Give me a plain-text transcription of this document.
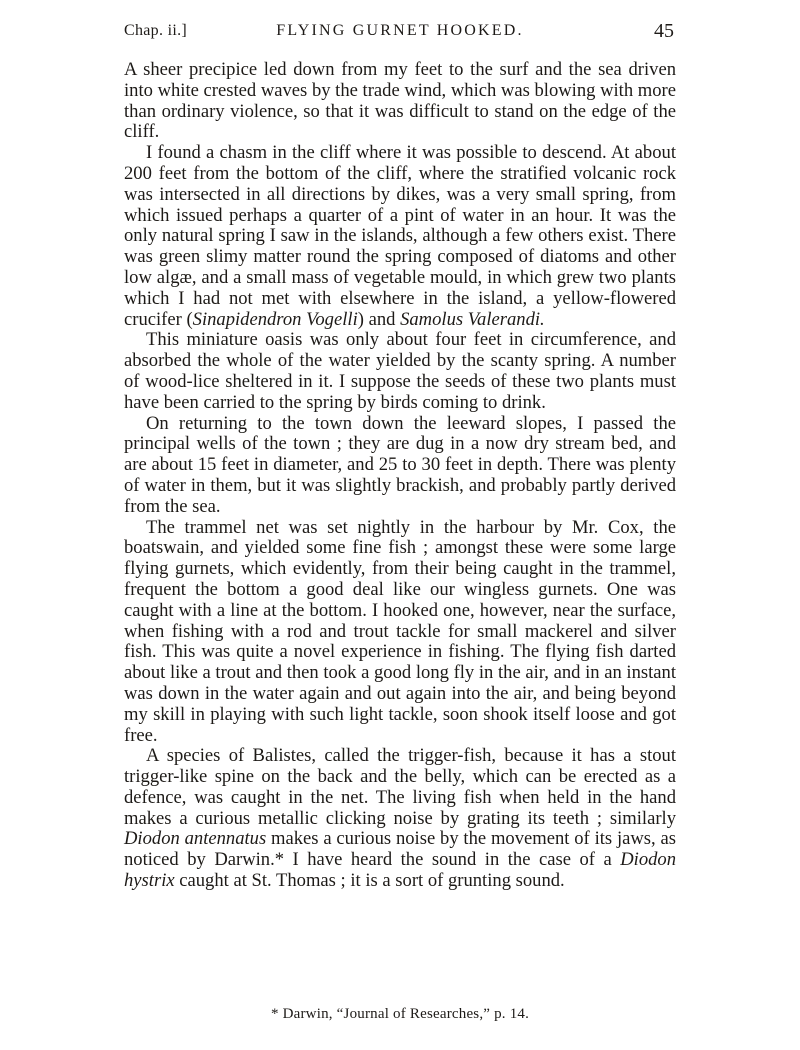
Chap. ii.]	FLYING GURNET HOOKED.	45

A sheer precipice led down from my feet to the surf and the sea driven into white crested waves by the trade wind, which was blowing with more than ordinary violence, so that it was difficult to stand on the edge of the cliff.

I found a chasm in the cliff where it was possible to descend. At about 200 feet from the bottom of the cliff, where the stratified volcanic rock was intersected in all directions by dikes, was a very small spring, from which issued perhaps a quarter of a pint of water in an hour. It was the only natural spring I saw in the islands, although a few others exist. There was green slimy matter round the spring composed of diatoms and other low algæ, and a small mass of vegetable mould, in which grew two plants which I had not met with elsewhere in the island, a yellow-flowered crucifer (Sinapidendron Vogelli) and Samolus Valerandi.

This miniature oasis was only about four feet in circumference, and absorbed the whole of the water yielded by the scanty spring. A number of wood-lice sheltered in it. I suppose the seeds of these two plants must have been carried to the spring by birds coming to drink.

On returning to the town down the leeward slopes, I passed the principal wells of the town ; they are dug in a now dry stream bed, and are about 15 feet in diameter, and 25 to 30 feet in depth. There was plenty of water in them, but it was slightly brackish, and probably partly derived from the sea.

The trammel net was set nightly in the harbour by Mr. Cox, the boatswain, and yielded some fine fish ; amongst these were some large flying gurnets, which evidently, from their being caught in the trammel, frequent the bottom a good deal like our wingless gurnets. One was caught with a line at the bottom. I hooked one, however, near the surface, when fishing with a rod and trout tackle for small mackerel and silver fish. This was quite a novel experience in fishing. The flying fish darted about like a trout and then took a good long fly in the air, and in an instant was down in the water again and out again into the air, and being beyond my skill in playing with such light tackle, soon shook itself loose and got free.

A species of Balistes, called the trigger-fish, because it has a stout trigger-like spine on the back and the belly, which can be erected as a defence, was caught in the net. The living fish when held in the hand makes a curious metallic clicking noise by grating its teeth ; similarly Diodon antennatus makes a curious noise by the movement of its jaws, as noticed by Darwin.* I have heard the sound in the case of a Diodon hystrix caught at St. Thomas ; it is a sort of grunting sound.

* Darwin, “Journal of Researches,” p. 14.
